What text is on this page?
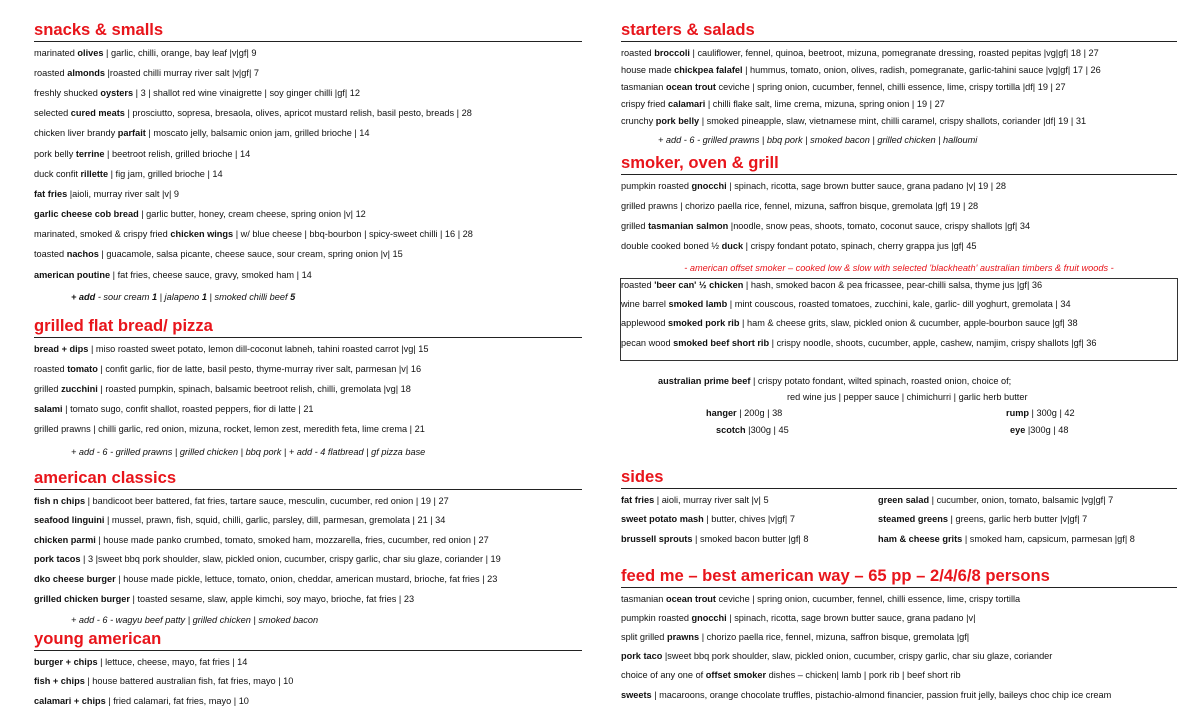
snacks & smalls
marinated olives | garlic, chilli, orange, bay leaf |v|gf| 9
roasted almonds |roasted chilli murray river salt |v|gf| 7
freshly shucked oysters | 3 | shallot red wine vinaigrette | soy ginger chilli |gf| 12
selected cured meats | prosciutto, sopresa, bresaola, olives, apricot mustard relish, basil pesto, breads | 28
chicken liver brandy parfait | moscato jelly, balsamic onion jam, grilled brioche | 14
pork belly terrine | beetroot relish, grilled brioche | 14
duck confit rillette | fig jam, grilled brioche | 14
fat fries |aioli, murray river salt |v| 9
garlic cheese cob bread | garlic butter, honey, cream cheese, spring onion |v| 12
marinated, smoked & crispy fried chicken wings | w/ blue cheese | bbq-bourbon | spicy-sweet chilli | 16 | 28
toasted nachos | guacamole, salsa picante, cheese sauce, sour cream, spring onion |v| 15
american poutine | fat fries, cheese sauce, gravy, smoked ham | 14
+ add - sour cream 1 | jalapeno 1 | smoked chilli beef 5
grilled flat bread/ pizza
bread + dips | miso roasted sweet potato, lemon dill-coconut labneh, tahini roasted carrot |vg| 15
roasted tomato | confit garlic, fior de latte, basil pesto, thyme-murray river salt, parmesan |v| 16
grilled zucchini | roasted pumpkin, spinach, balsamic beetroot relish, chilli, gremolata |vg| 18
salami | tomato sugo, confit shallot, roasted peppers, fior di latte | 21
grilled prawns | chilli garlic, red onion, mizuna, rocket, lemon zest, meredith feta, lime crema | 21
+ add - 6 - grilled prawns | grilled chicken | bbq pork | + add - 4 flatbread | gf pizza base
american classics
fish n chips | bandicoot beer battered, fat fries, tartare sauce, mesculin, cucumber, red onion | 19 | 27
seafood linguini | mussel, prawn, fish, squid, chilli, garlic, parsley, dill, parmesan, gremolata | 21 | 34
chicken parmi | house made panko crumbed, tomato, smoked ham, mozzarella, fries, cucumber, red onion | 27
pork tacos | 3 |sweet bbq pork shoulder, slaw, pickled onion, cucumber, crispy garlic, char siu glaze, coriander | 19
dko cheese burger | house made pickle, lettuce, tomato, onion, cheddar, american mustard, brioche, fat fries | 23
grilled chicken burger | toasted sesame, slaw, apple kimchi, soy mayo, brioche, fat fries | 23
+ add - 6 - wagyu beef patty | grilled chicken | smoked bacon
young american
burger + chips | lettuce, cheese, mayo, fat fries | 14
fish + chips | house battered australian fish, fat fries, mayo | 10
calamari + chips | fried calamari, fat fries, mayo | 10
starters & salads
roasted broccoli | cauliflower, fennel, quinoa, beetroot, mizuna, pomegranate dressing, roasted pepitas |vg|gf| 18 | 27
house made chickpea falafel | hummus, tomato, onion, olives, radish, pomegranate, garlic-tahini sauce |vg|gf| 17 | 26
tasmanian ocean trout ceviche | spring onion, cucumber, fennel, chilli essence, lime, crispy tortilla |df| 19 | 27
crispy fried calamari | chilli flake salt, lime crema, mizuna, spring onion | 19 | 27
crunchy pork belly | smoked pineapple, slaw, vietnamese mint, chilli caramel, crispy shallots, coriander |df| 19 | 31
+ add - 6 - grilled prawns | bbq pork | smoked bacon | grilled chicken | halloumi
smoker, oven & grill
pumpkin roasted gnocchi | spinach, ricotta, sage brown butter sauce, grana padano |v| 19 | 28
grilled prawns | chorizo paella rice, fennel, mizuna, saffron bisque, gremolata |gf| 19 | 28
grilled tasmanian salmon |noodle, snow peas, shoots, tomato, coconut sauce, crispy shallots |gf| 34
double cooked boned ½ duck | crispy fondant potato, spinach, cherry grappa jus |gf| 45
- american offset smoker – cooked low & slow with selected 'blackheath' australian timbers & fruit woods -
roasted 'beer can' ½ chicken | hash, smoked bacon & pea fricassee, pear-chilli salsa, thyme jus |gf| 36
wine barrel smoked lamb | mint couscous, roasted tomatoes, zucchini, kale, garlic- dill yoghurt, gremolata | 34
applewood smoked pork rib | ham & cheese grits, slaw, pickled onion & cucumber, apple-bourbon sauce |gf| 38
pecan wood smoked beef short rib | crispy noodle, shoots, cucumber, apple, cashew, namjim, crispy shallots |gf| 36
australian prime beef | crispy potato fondant, wilted spinach, roasted onion, choice of;
red wine jus | pepper sauce | chimichurri | garlic herb butter
hanger | 200g | 38	rump | 300g | 42
scotch |300g | 45	eye |300g | 48
sides
fat fries | aioli, murray river salt |v| 5	green salad | cucumber, onion, tomato, balsamic |vg|gf| 7
sweet potato mash | butter, chives |v|gf| 7	steamed greens | greens, garlic herb butter |v|gf| 7
brussell sprouts | smoked bacon butter |gf| 8	ham & cheese grits | smoked ham, capsicum, parmesan |gf| 8
feed me – best american way – 65 pp – 2/4/6/8 persons
tasmanian ocean trout ceviche | spring onion, cucumber, fennel, chilli essence, lime, crispy tortilla
pumpkin roasted gnocchi | spinach, ricotta, sage brown butter sauce, grana padano |v|
split grilled prawns | chorizo paella rice, fennel, mizuna, saffron bisque, gremolata |gf|
pork taco |sweet bbq pork shoulder, slaw, pickled onion, cucumber, crispy garlic, char siu glaze, coriander
choice of any one of offset smoker dishes – chicken| lamb | pork rib | beef short rib
sweets | macaroons, orange chocolate truffles, pistachio-almond financier, passion fruit jelly, baileys choc chip ice cream
